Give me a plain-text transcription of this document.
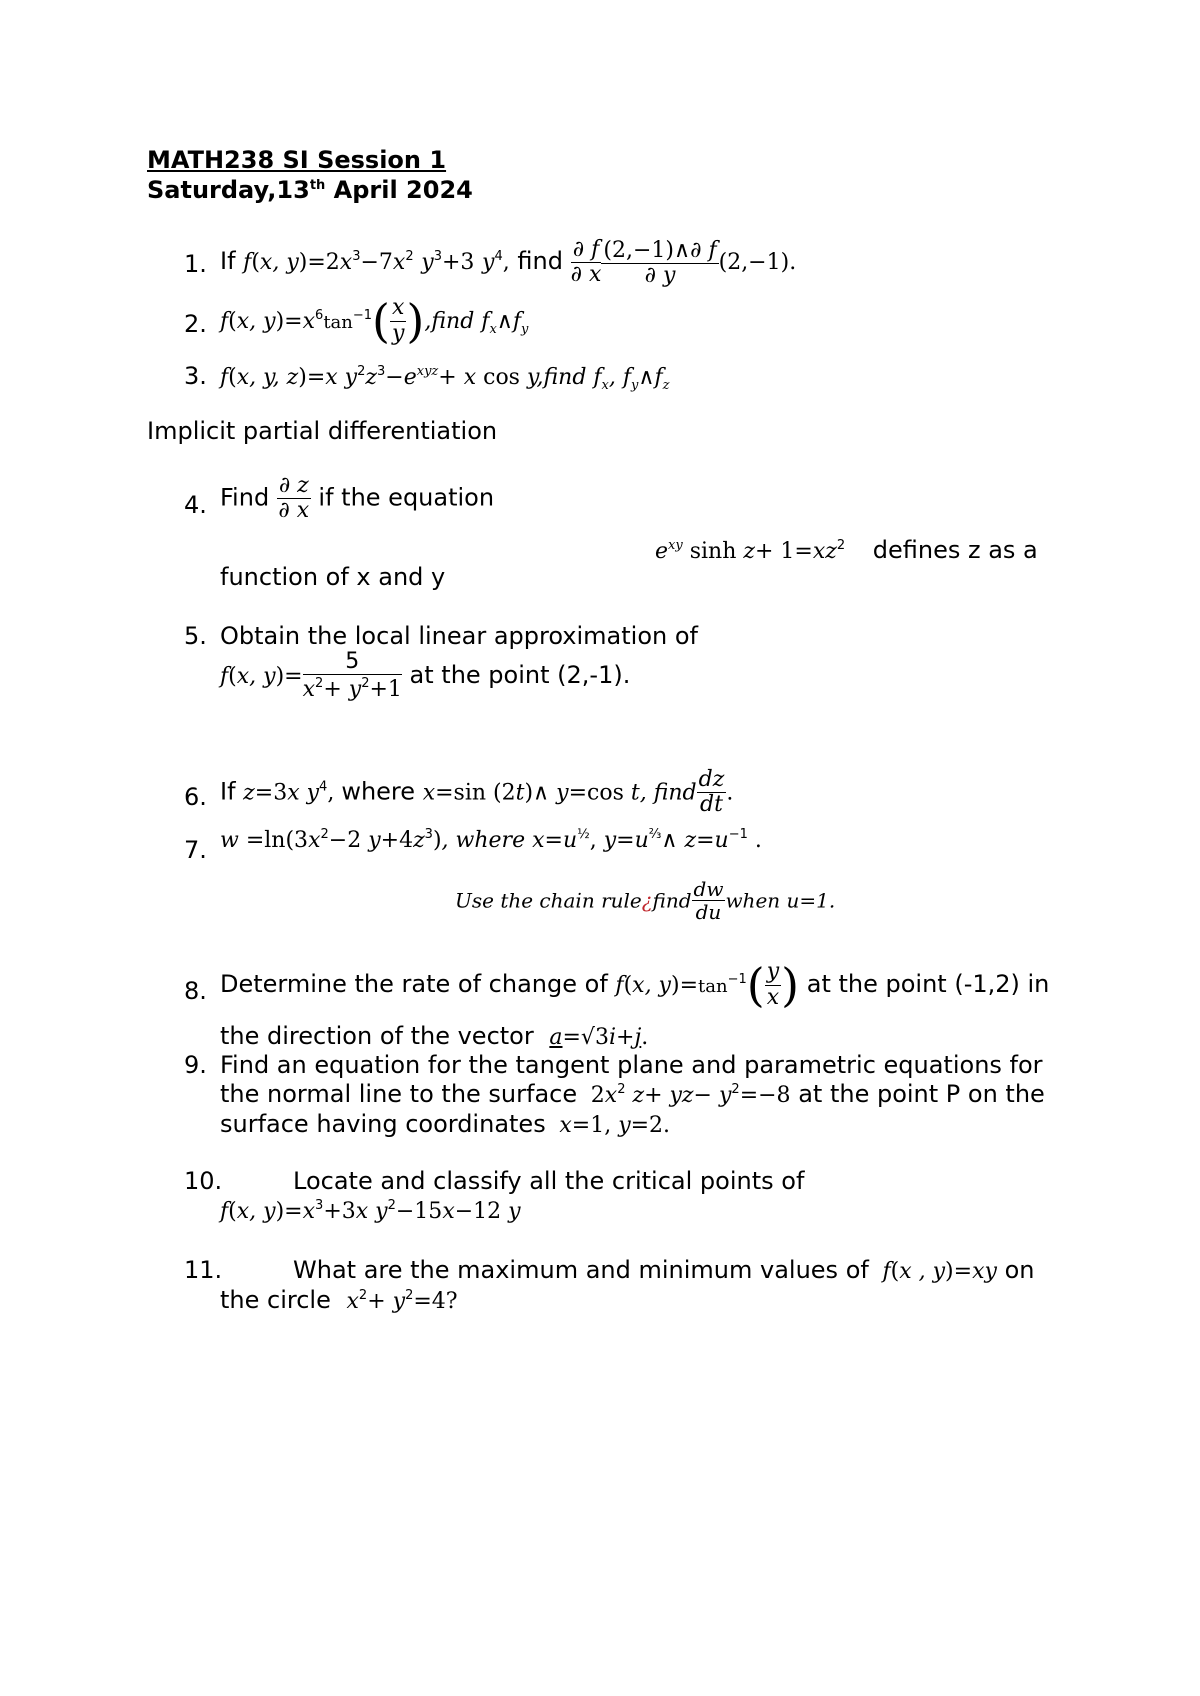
MATH238 SI Session 1
Saturday,13th April 2024
1. If f(x, $y)=2x^3-7x^2$ $y^3+3$ $y^4$, find $\frac{\partial f}{\partial x} \frac{(2,-1)\wedge\partial f}{\partial y} (2,-1)$.
2. f(x, $y)=x^6\tan^{-1}( \frac{x}{y}$ ),find $f_x\wedge f_y$
3. f(x, y, z)=x $y^2z^3-e^{xyz}+ x$ cos y,find $f_x$, $f_y\wedge f_z$
Implicit partial differentiation
4. Find $\frac{\partial z}{\partial x}$ if the equation
$e^{xy}$ $\sinh z+ 1=xz^2$ defines z as a
function of x and y
5. Obtain the local linear approximation of
f(x, $y)= \frac{5}{x^2+ y^2+1}$ at the point (2,-1).
6. If z=3x $y^4$, where x=sin (2t)∧ y=cos t, find $\frac{dz}{dt}$ .
7. $w =\ln(3x^2-2$ $y+4z^3$), where $x=u^{\frac{1}{2}}$, $y=u^{\frac{2}{3}}\wedge$ $z=u^{-1}$ .
Use the chain rule¿find $\frac{dw}{du}$ when u=1.
8. Determine the rate of change of f(x, $y)=\tan^{-1}( \frac{y}{x}$ ) at the point (-1,2) in
the direction of the vector a=√3i+j.
9. Find an equation for the tangent plane and parametric equations for
the normal line to the surface $2x^2$ $z+ yz- y^2=-8$ at the point P on the
surface having coordinates x=1, y=2.
10.	Locate and classify all the critical points of
f(x, $y)=x^3+3x$ $y^2-15x-12$ y
11.	What are the maximum and minimum values of f(x , y)=xy on
the circle $x^2+ y^2=4$?
